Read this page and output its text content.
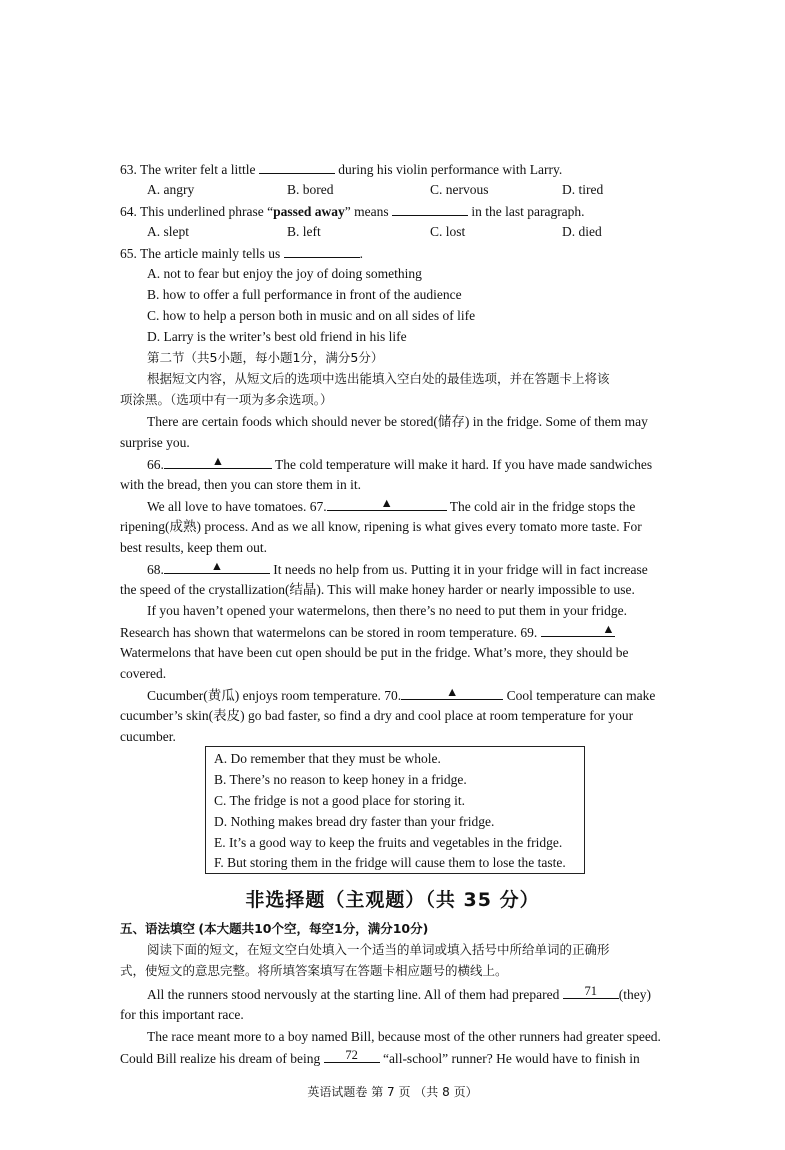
63. The writer felt a little	during his violin performance with Larry.
A. angry	B. bored	C. nervous	D. tired
64. This underlined phrase “passed away” means	in the last paragraph.
A. slept	B. left	C. lost	D. died
65. The article mainly tells us	.
A. not to fear but enjoy the joy of doing something
B. how to offer a full performance in front of the audience
C. how to help a person both in music and on all sides of life
D. Larry is the writer’s best old friend in his life
第二节（共5小题，每小题1分，满分5分）
根据短文内容，从短文后的选项中选出能填入空白处的最佳选项，并在答题卡上将该
项涂黑。（选项中有一项为多余选项。）
There are certain foods which should never be stored(储存) in the fridge. Some of them may
surprise you.
66.	▲	The cold temperature will make it hard. If you have made sandwiches
with the bread, then you can store them in it.
We all love to have tomatoes. 67.	▲	The cold air in the fridge stops the
ripening(成熟) process. And as we all know, ripening is what gives every tomato more taste. For
best results, keep them out.
68.	▲	It needs no help from us. Putting it in your fridge will in fact increase
the speed of the crystallization(结晶). This will make honey harder or nearly impossible to use.
If you haven’t opened your watermelons, then there’s no need to put them in your fridge.
Research has shown that watermelons can be stored in room temperature. 69.	▲
Watermelons that have been cut open should be put in the fridge. What’s more, they should be
covered.
Cucumber(黄瓜) enjoys room temperature. 70.	▲	Cool temperature can make
cucumber’s skin(表皮) go bad faster, so find a dry and cool place at room temperature for your
cucumber.
A. Do remember that they must be whole.
B. There’s no reason to keep honey in a fridge.
C. The fridge is not a good place for storing it.
D. Nothing makes bread dry faster than your fridge.
E. It’s a good way to keep the fruits and vegetables in the fridge.
F. But storing them in the fridge will cause them to lose the taste.
非选择题（主观题）（共 35 分）
五、语法填空 (本大题共10个空，每空1分，满分10分)
阅读下面的短文，在短文空白处填入一个适当的单词或填入括号中所给单词的正确形
式，使短文的意思完整。将所填答案填写在答题卡相应题号的横线上。
All the runners stood nervously at the starting line. All of them had prepared	71	(they)
for this important race.
The race meant more to a boy named Bill, because most of the other runners had greater speed.
Could Bill realize his dream of being	72	“all-school” runner? He would have to finish in
英语试题卷 第 7 页 （共 8 页）
